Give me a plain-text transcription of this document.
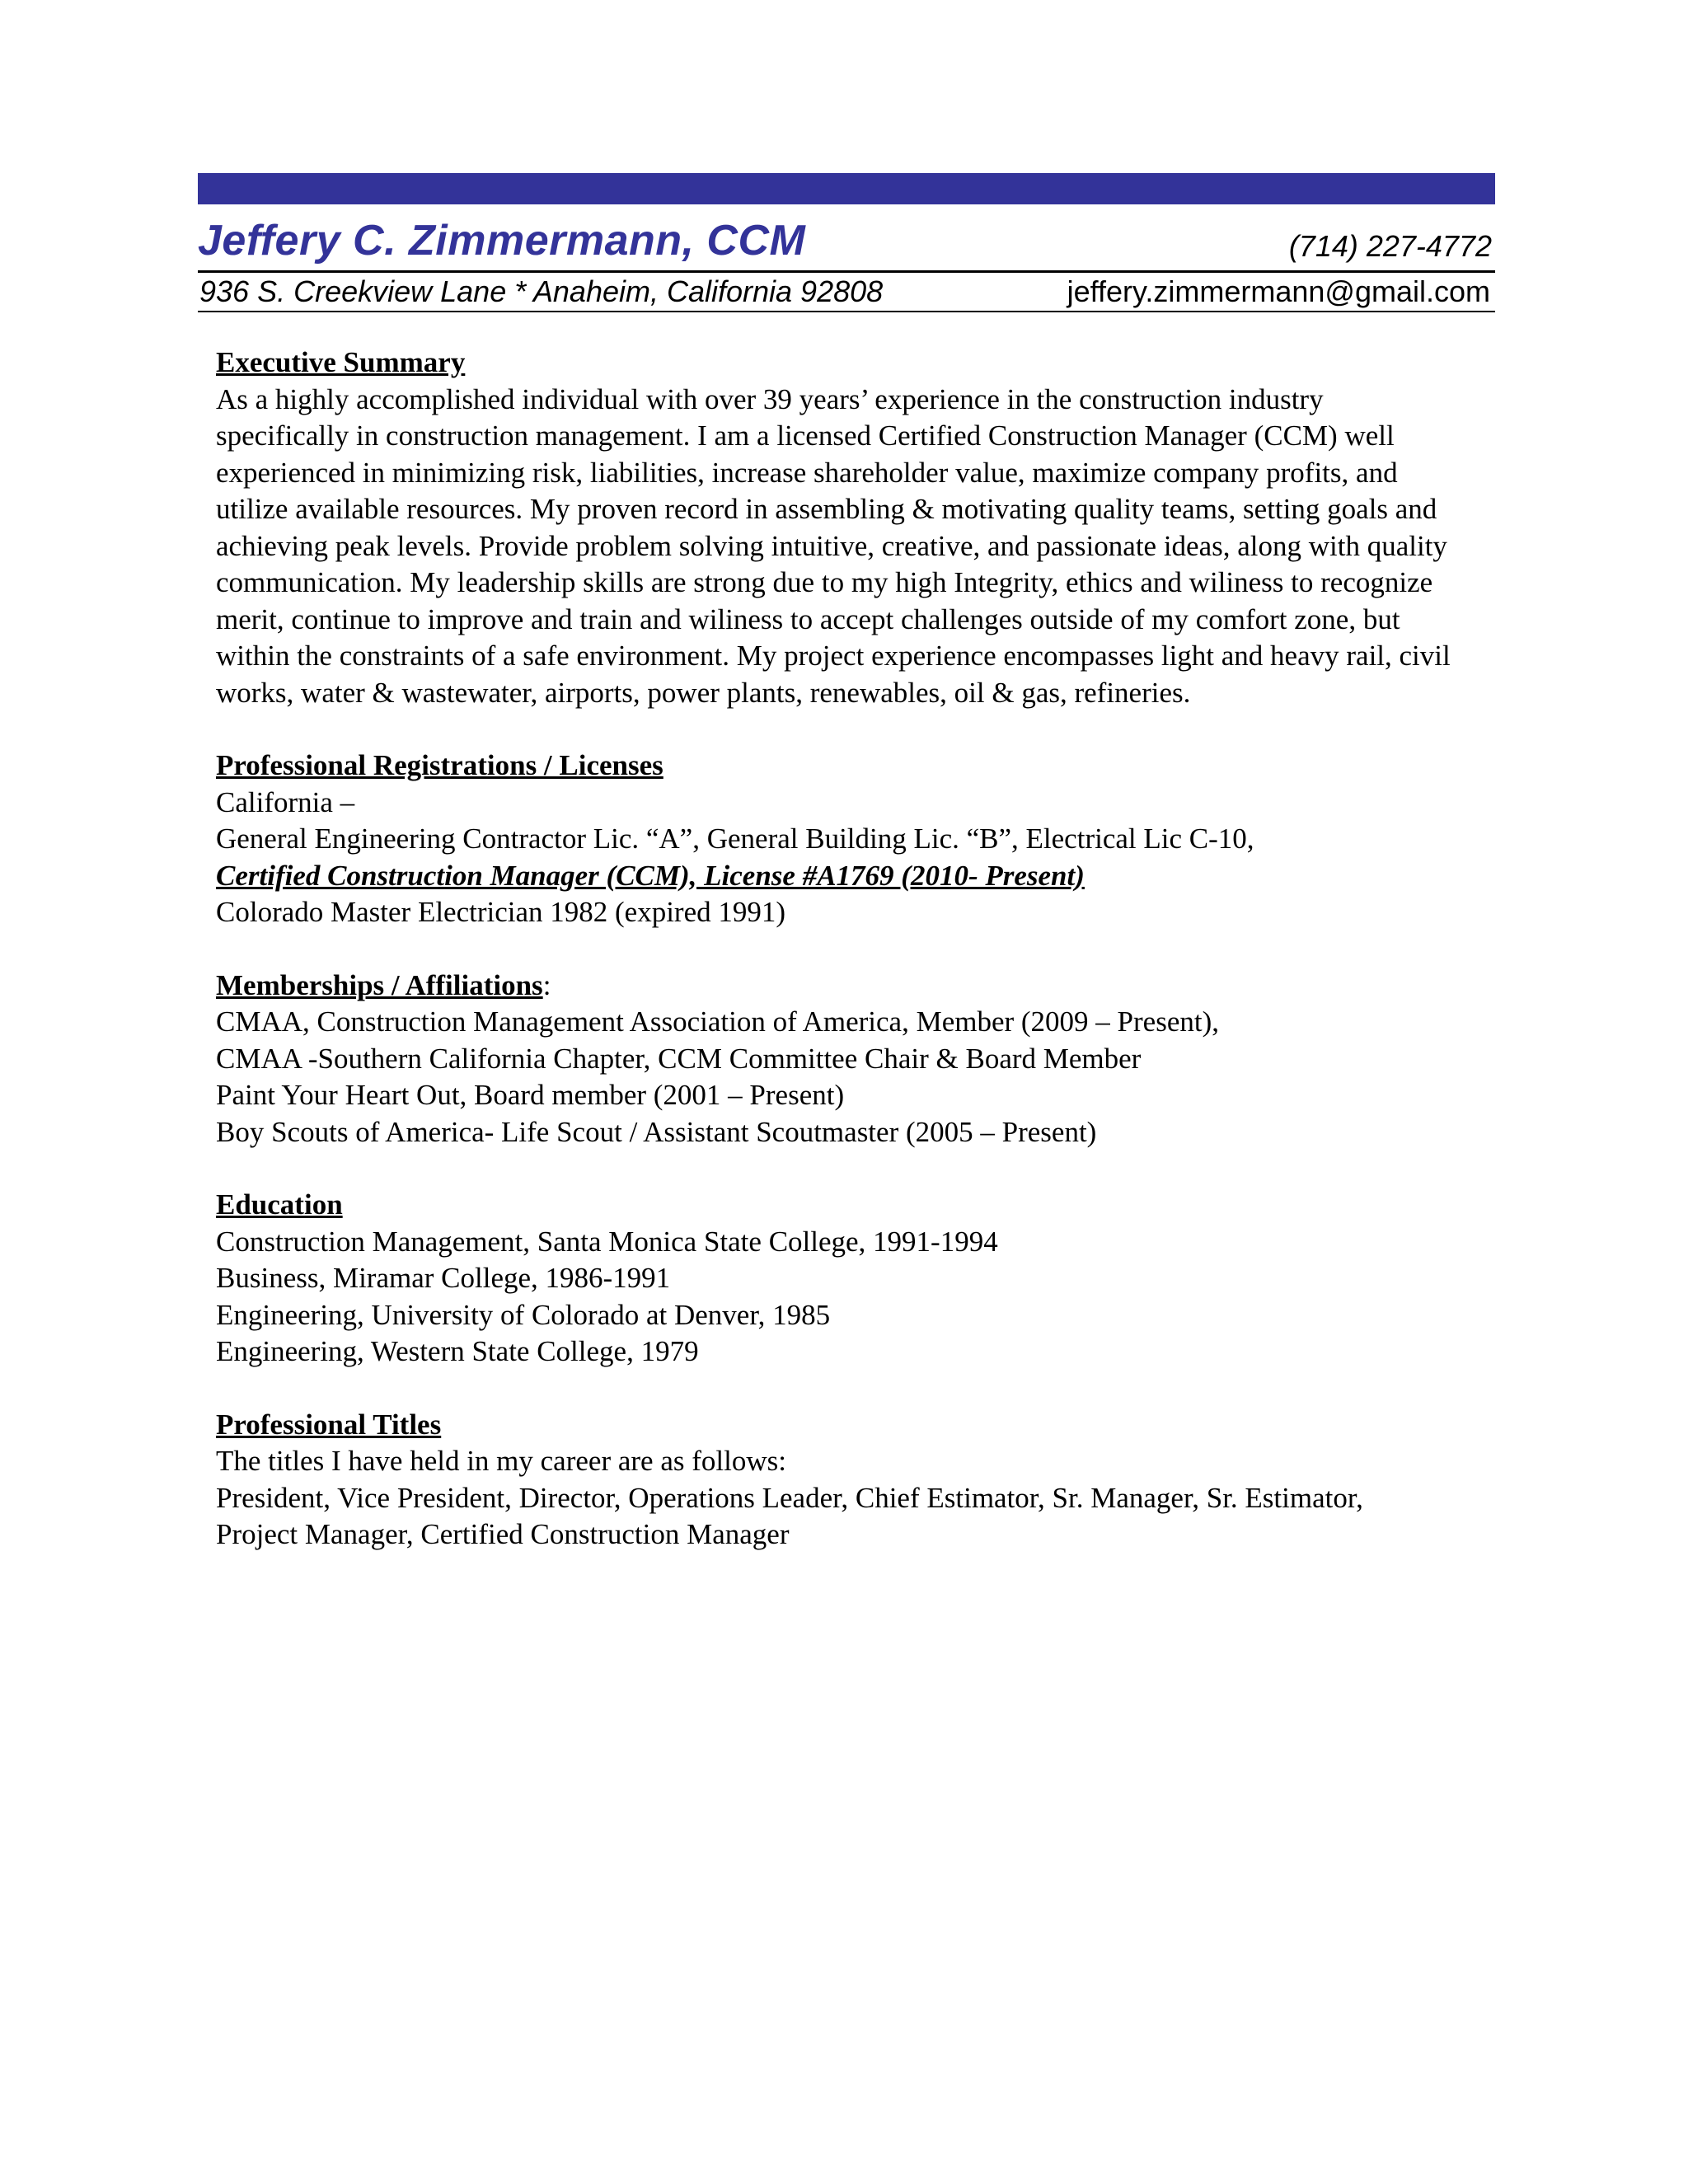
Jeffery C. Zimmermann, CCM	(714) 227-4772
936 S. Creekview Lane * Anaheim, California 92808	jeffery.zimmermann@gmail.com
Executive Summary
As a highly accomplished individual with over 39 years’ experience in the construction industry
specifically in construction management. I am a licensed Certified Construction Manager (CCM) well
experienced in minimizing risk, liabilities, increase shareholder value, maximize company profits, and
utilize available resources. My proven record in assembling & motivating quality teams, setting goals and
achieving peak levels. Provide problem solving intuitive, creative, and passionate ideas, along with quality
communication. My leadership skills are strong due to my high Integrity, ethics and wiliness to recognize
merit, continue to improve and train and wiliness to accept challenges outside of my comfort zone, but
within the constraints of a safe environment. My project experience encompasses light and heavy rail, civil
works, water & wastewater, airports, power plants, renewables, oil & gas, refineries.
Professional Registrations / Licenses
California –
General Engineering Contractor Lic. “A”, General Building Lic. “B”, Electrical Lic C-10,
Certified Construction Manager (CCM), License #A1769 (2010- Present)
Colorado Master Electrician 1982 (expired 1991)
Memberships / Affiliations:
CMAA, Construction Management Association of America, Member (2009 – Present),
CMAA -Southern California Chapter, CCM Committee Chair & Board Member
Paint Your Heart Out, Board member (2001 – Present)
Boy Scouts of America- Life Scout / Assistant Scoutmaster (2005 – Present)
Education
Construction Management, Santa Monica State College, 1991-1994
Business, Miramar College, 1986-1991
Engineering, University of Colorado at Denver, 1985
Engineering, Western State College, 1979
Professional Titles
The titles I have held in my career are as follows:
President, Vice President, Director, Operations Leader, Chief Estimator, Sr. Manager, Sr. Estimator,
Project Manager, Certified Construction Manager
